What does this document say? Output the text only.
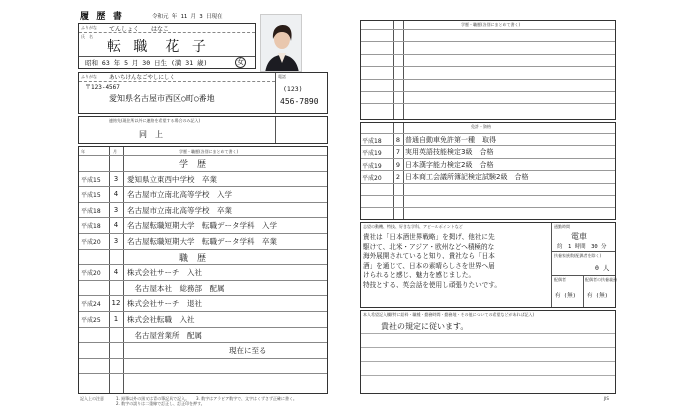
履 歴 書	令和元 年 11 月 3 日現在
ふりがな てんしょく　　はなこ
氏　名
転 職　花 子
昭和 63 年 5 月 30 日生 (満 31 歳)	女
ふりがな あいちけんなごやしにしく
〒123-4567
愛知県名古屋市西区○町○番地
電話
(123)
456-7890
連絡先(現住所以外に連絡を希望する場合のみ記入)
同　上
年	月	学歴・職歴(各別にまとめて書く)
学　歴
平成15	3	愛知県立東西中学校　卒業
平成15	4	名古屋市立南北高等学校　入学
平成18	3	名古屋市立南北高等学校　卒業
平成18	4	名古屋転職短期大学　転職データ学科　入学
平成20	3	名古屋転職短期大学　転職データ学科　卒業
職　歴
平成20	4	株式会社サーチ　入社
　名古屋本社　総務部　配属
平成24	12 株式会社サーチ　退社
平成25	1	株式会社転職　入社
　名古屋営業所　配属
現在に至る
記入上の注意	1. 鉛筆以外の黒又は青の筆記具で記入。 3. 数字はアラビア数字で、文字はくずさず正確に書く。
2. 数字の誤りは二重線で訂正し、訂正印を押す。
学歴・職歴(各別にまとめて書く)
免許・資格
平成18	8 普通自動車免許第一種　取得
平成19	7 実用英語技能検定3級　合格
平成19	9 日本漢字能力検定2級　合格
平成20	2 日本商工会議所簿記検定試験2級　合格
志望の動機、特技、好きな学科、アピールポイントなど
貴社は「日本酒世界戦略」を掲げ、他社に先
駆けて、北米・アジア・欧州などへ積極的な
海外展開されていると知り、貴社なら「日本
酒」を通じて、日本の素晴らしさを世界へ届
けられると感じ、魅力を感じました。
特技とする、英会話を使用し頑張りたいです。
通勤時間
電車
約　1 時間　30 分
扶養家族数(配偶者を除く)
0 人
配偶者
有 (無)
配偶者の扶養義務
有 (無)
本人希望記入欄(特に給料・職種・勤務時間・勤務地・その他についての希望などがあれば記入)
貴社の規定に従います。
JIS
